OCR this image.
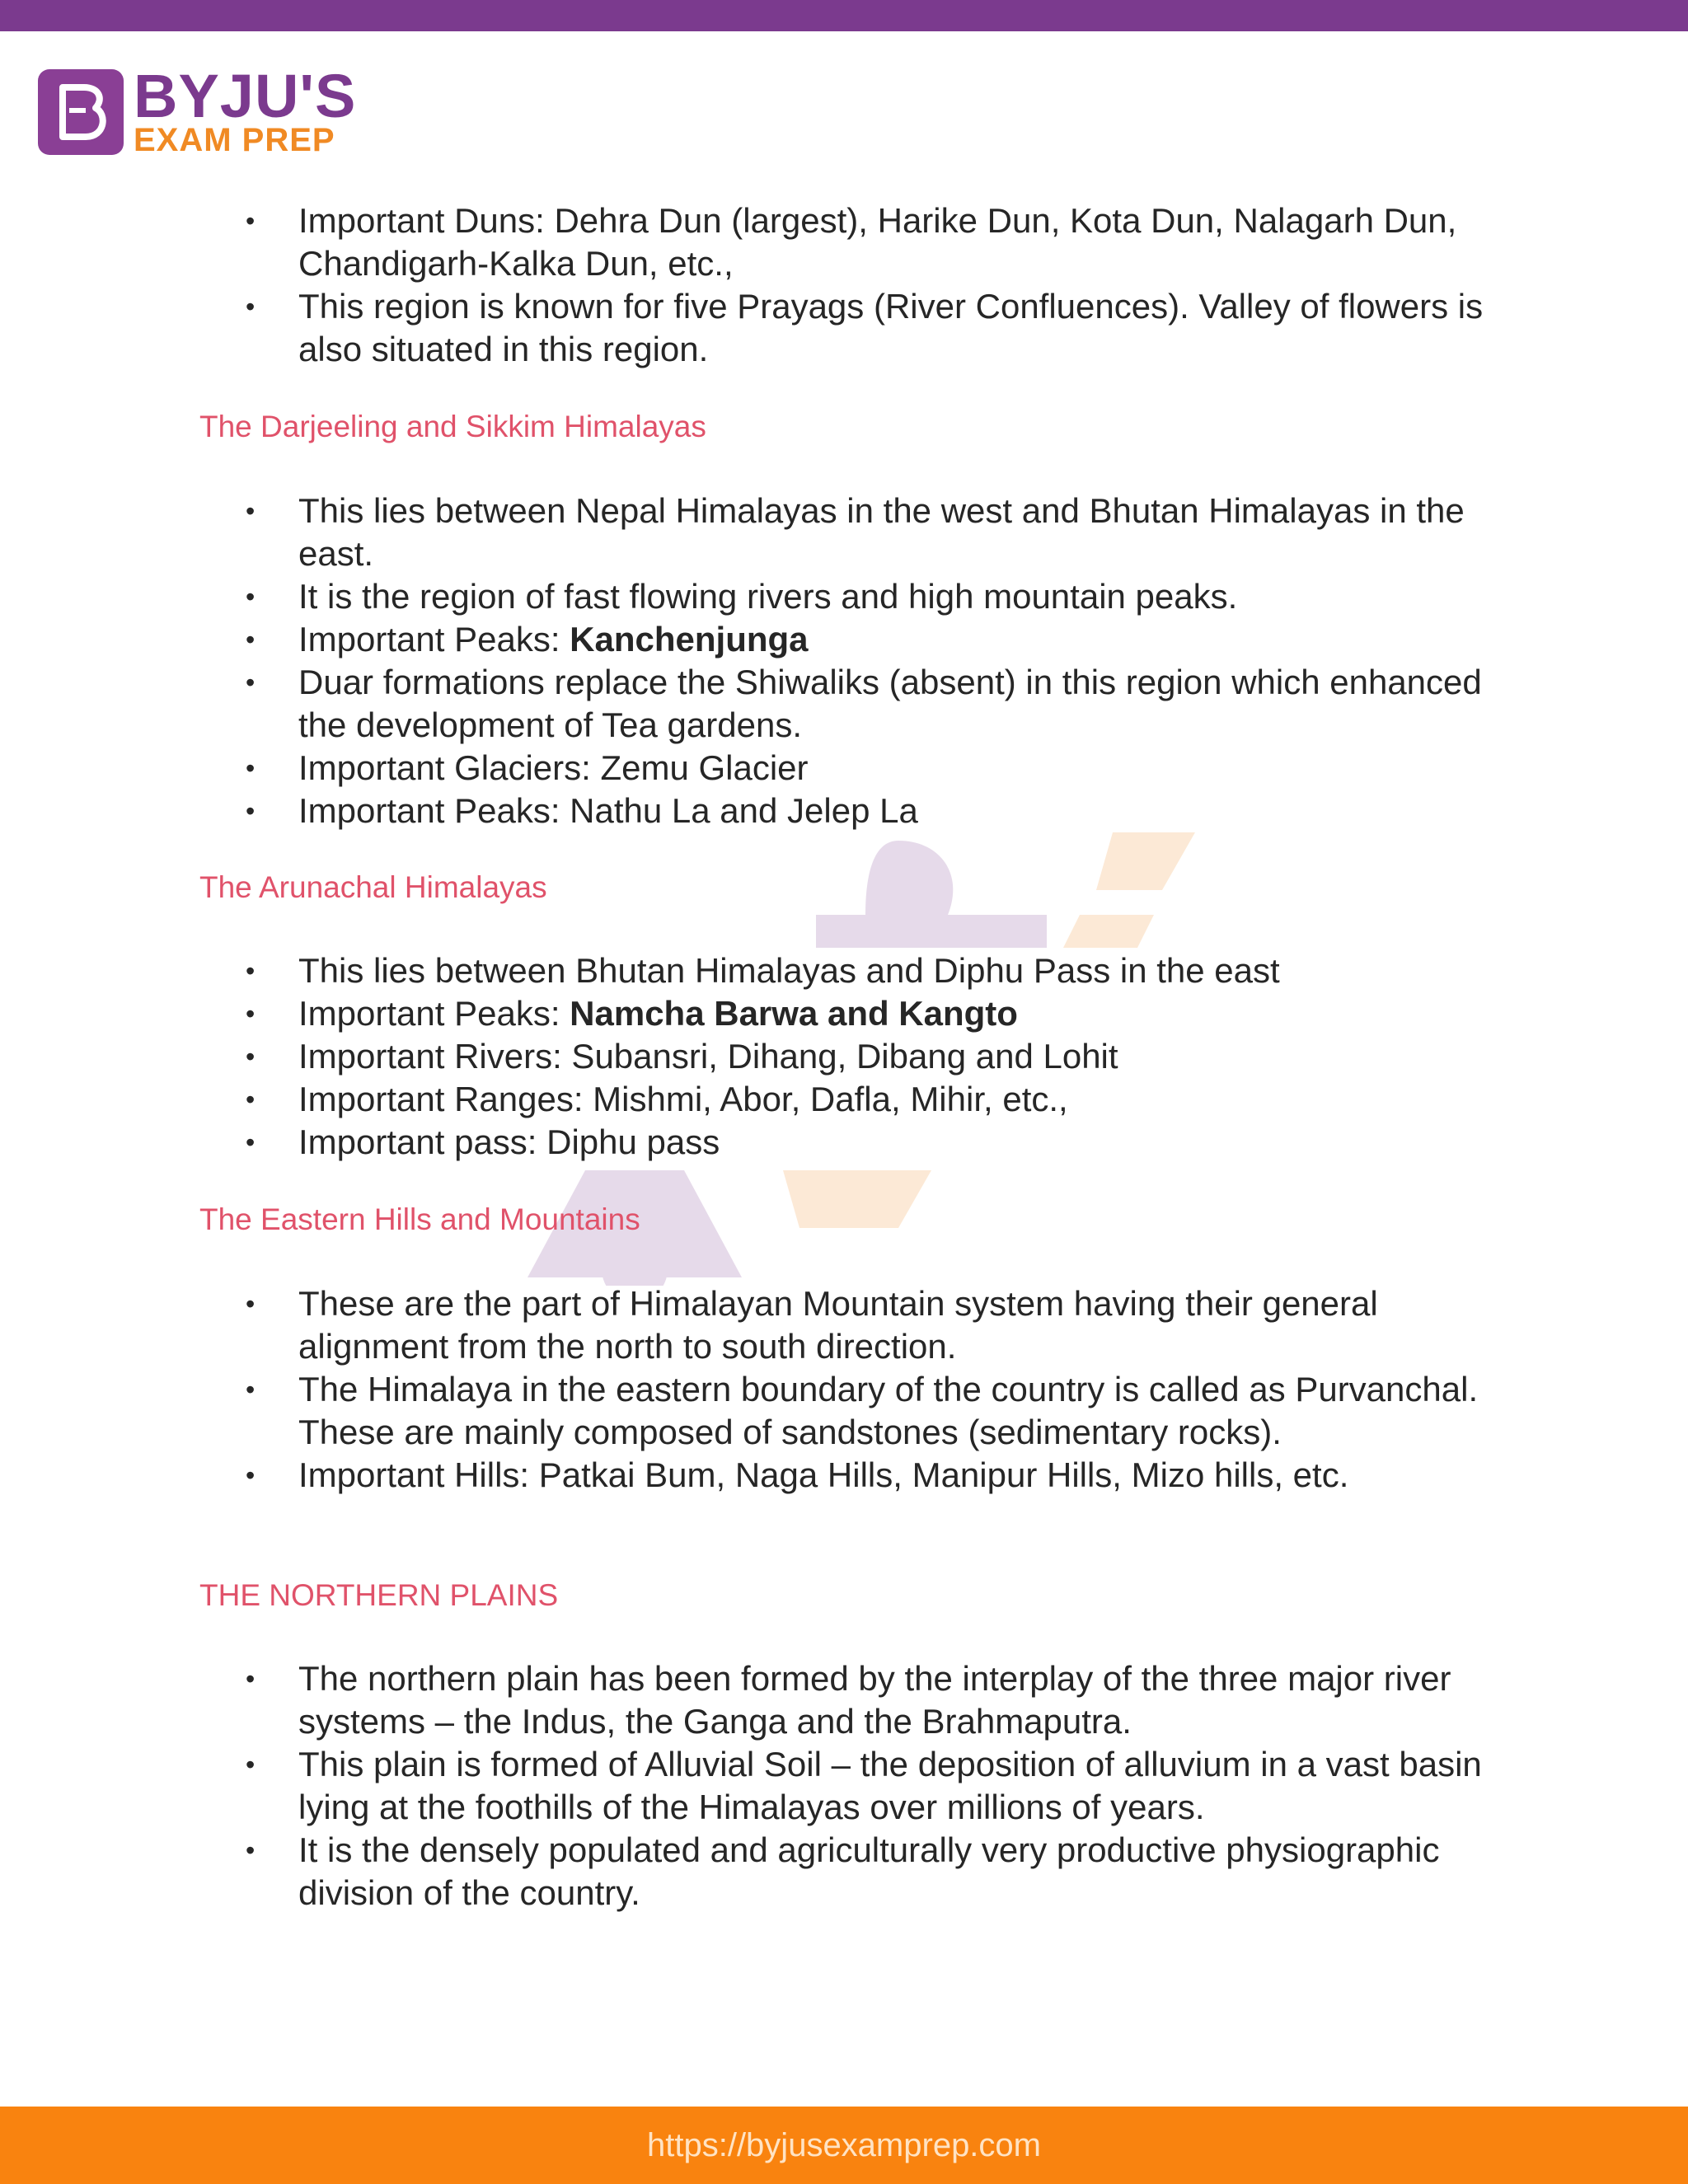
BYJU'S
EXAM PREP
• Important Duns: Dehra Dun (largest), Harike Dun, Kota Dun, Nalagarh Dun, Chandigarh-Kalka Dun, etc.,
• This region is known for five Prayags (River Confluences). Valley of flowers is also situated in this region.
The Darjeeling and Sikkim Himalayas
• This lies between Nepal Himalayas in the west and Bhutan Himalayas in the east.
• It is the region of fast flowing rivers and high mountain peaks.
• Important Peaks: Kanchenjunga
• Duar formations replace the Shiwaliks (absent) in this region which enhanced the development of Tea gardens.
• Important Glaciers: Zemu Glacier
• Important Peaks: Nathu La and Jelep La
The Arunachal Himalayas
• This lies between Bhutan Himalayas and Diphu Pass in the east
• Important Peaks: Namcha Barwa and Kangto
• Important Rivers: Subansri, Dihang, Dibang and Lohit
• Important Ranges: Mishmi, Abor, Dafla, Mihir, etc.,
• Important pass: Diphu pass
The Eastern Hills and Mountains
• These are the part of Himalayan Mountain system having their general alignment from the north to south direction.
• The Himalaya in the eastern boundary of the country is called as Purvanchal. These are mainly composed of sandstones (sedimentary rocks).
• Important Hills: Patkai Bum, Naga Hills, Manipur Hills, Mizo hills, etc.
THE NORTHERN PLAINS
• The northern plain has been formed by the interplay of the three major river systems – the Indus, the Ganga and the Brahmaputra.
• This plain is formed of Alluvial Soil – the deposition of alluvium in a vast basin lying at the foothills of the Himalayas over millions of years.
• It is the densely populated and agriculturally very productive physiographic division of the country.
https://byjusexamprep.com
